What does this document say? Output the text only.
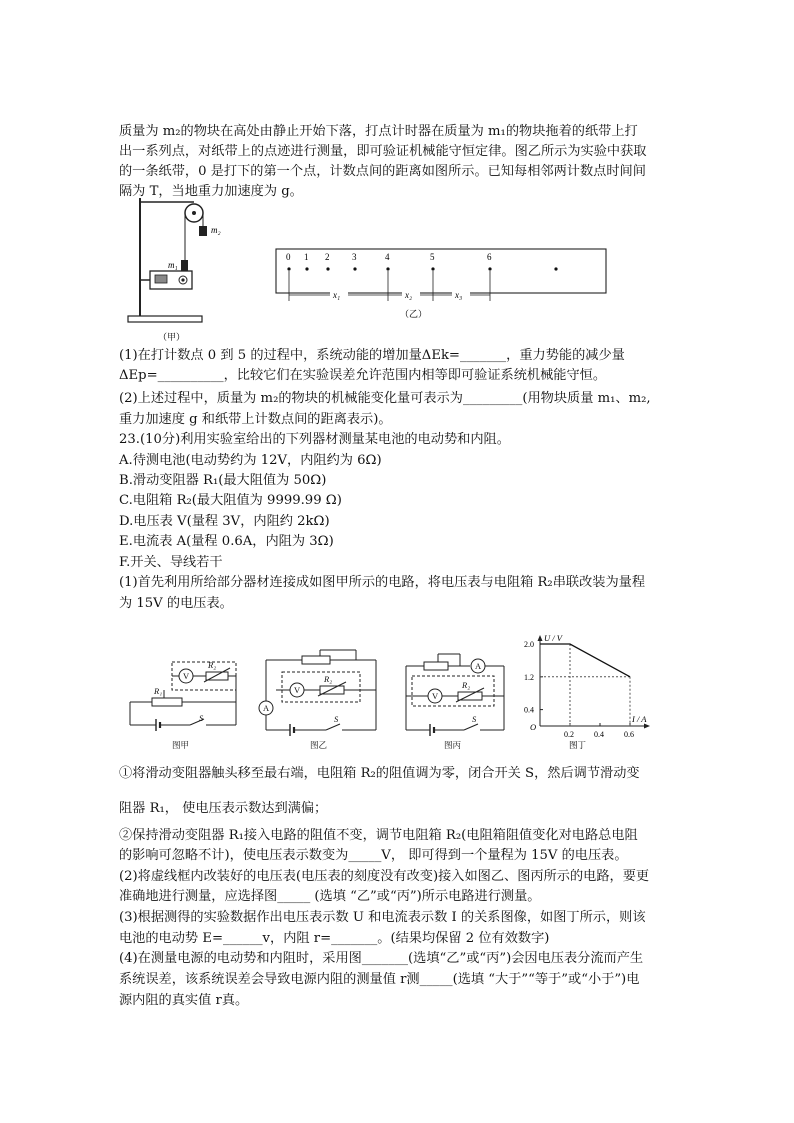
质量为 m₂的物块在高处由静止开始下落，打点计时器在质量为 m₁的物块拖着的纸带上打
出一系列点，对纸带上的点迹进行测量，即可验证机械能守恒定律。图乙所示为实验中获取
的一条纸带，0 是打下的第一个点，计数点间的距离如图所示。已知每相邻两计数点时间间
隔为 T，当地重力加速度为 g。
m₂
m₁
（甲）
0 1 2	3	4	5	6
x₁	x₂	x₃
（乙）
(1)在打计数点 0 到 5 的过程中，系统动能的增加量ΔEk=_______，重力势能的减少量
ΔEp=__________，比较它们在实验误差允许范围内相等即可验证系统机械能守恒。
(2)上述过程中，质量为 m₂的物块的机械能变化量可表示为_________(用物块质量 m₁、m₂,
重力加速度 g 和纸带上计数点间的距离表示)。
23.(10分)利用实验室给出的下列器材测量某电池的电动势和内阻。
A.待测电池(电动势约为 12V，内阻约为 6Ω)
B.滑动变阻器 R₁(最大阻值为 50Ω)
C.电阻箱 R₂(最大阻值为 9999.99 Ω)
D.电压表 V(量程 3V，内阻约 2kΩ)
E.电流表 A(量程 0.6A，内阻为 3Ω)
F.开关、导线若干
(1)首先利用所给部分器材连接成如图甲所示的电路，将电压表与电阻箱 R₂串联改装为量程
为 15V 的电压表。
V
R₂
R₁
S
V
A
R₂
S
V
A
R₂
S
图甲	图乙	图丙
U / V
I / A
O
2.0
1.2
0.4
0.2	0.4	0.6
图丁
①将滑动变阻器触头移至最右端，电阻箱 R₂的阻值调为零，闭合开关 S，然后调节滑动变
阻器 R₁， 使电压表示数达到满偏；
②保持滑动变阻器 R₁接入电路的阻值不变，调节电阻箱 R₂(电阻箱阻值变化对电路总电阻
的影响可忽略不计)，使电压表示数变为_____V， 即可得到一个量程为 15V 的电压表。
(2)将虚线框内改装好的电压表(电压表的刻度没有改变)接入如图乙、图丙所示的电路，要更
准确地进行测量，应选择图_____ (选填 “乙”或“丙”)所示电路进行测量。
(3)根据测得的实验数据作出电压表示数 U 和电流表示数 I 的关系图像，如图丁所示，则该
电池的电动势 E=______v，内阻 r=_______。(结果均保留 2 位有效数字)
(4)在测量电源的电动势和内阻时，采用图_______(选填“乙”或“丙”)会因电压表分流而产生
系统误差，该系统误差会导致电源内阻的测量值 r测_____(选填 “大于”“等于”或“小于”)电
源内阻的真实值 r真。
